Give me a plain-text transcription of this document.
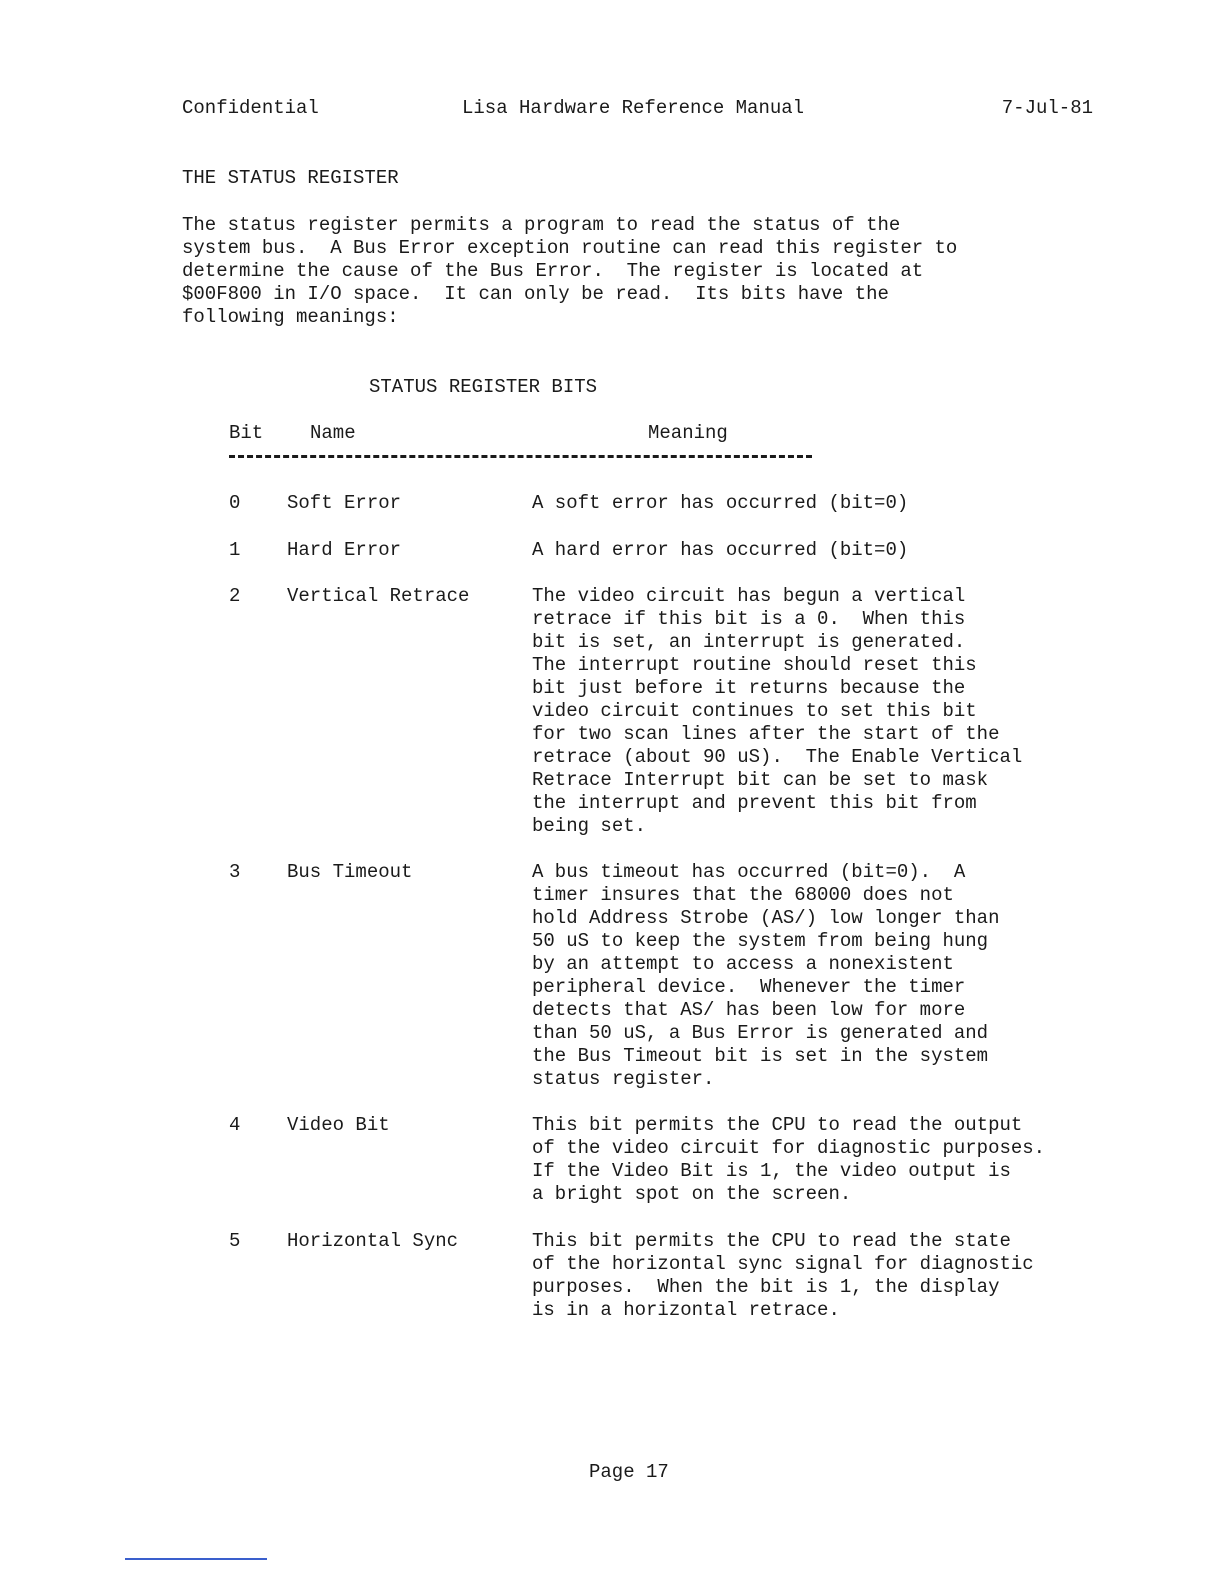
Confidential	Lisa Hardware Reference Manual	7-Jul-81
THE STATUS REGISTER
The status register permits a program to read the status of the
system bus.  A Bus Error exception routine can read this register to
determine the cause of the Bus Error.  The register is located at
$00F800 in I/O space.  It can only be read.  Its bits have the
following meanings:
STATUS REGISTER BITS
Bit Name	Meaning
0 Soft Error	A soft error has occurred (bit=0)
1 Hard Error	A hard error has occurred (bit=0)
2 Vertical Retrace	The video circuit has begun a vertical
retrace if this bit is a 0.  When this
bit is set, an interrupt is generated.
The interrupt routine should reset this
bit just before it returns because the
video circuit continues to set this bit
for two scan lines after the start of the
retrace (about 90 uS).  The Enable Vertical
Retrace Interrupt bit can be set to mask
the interrupt and prevent this bit from
being set.
3 Bus Timeout	A bus timeout has occurred (bit=0).  A
timer insures that the 68000 does not
hold Address Strobe (AS/) low longer than
50 uS to keep the system from being hung
by an attempt to access a nonexistent
peripheral device.  Whenever the timer
detects that AS/ has been low for more
than 50 uS, a Bus Error is generated and
the Bus Timeout bit is set in the system
status register.
4 Video Bit	This bit permits the CPU to read the output
of the video circuit for diagnostic purposes.
If the Video Bit is 1, the video output is
a bright spot on the screen.
5 Horizontal Sync	This bit permits the CPU to read the state
of the horizontal sync signal for diagnostic
purposes.  When the bit is 1, the display
is in a horizontal retrace.
Page 17
